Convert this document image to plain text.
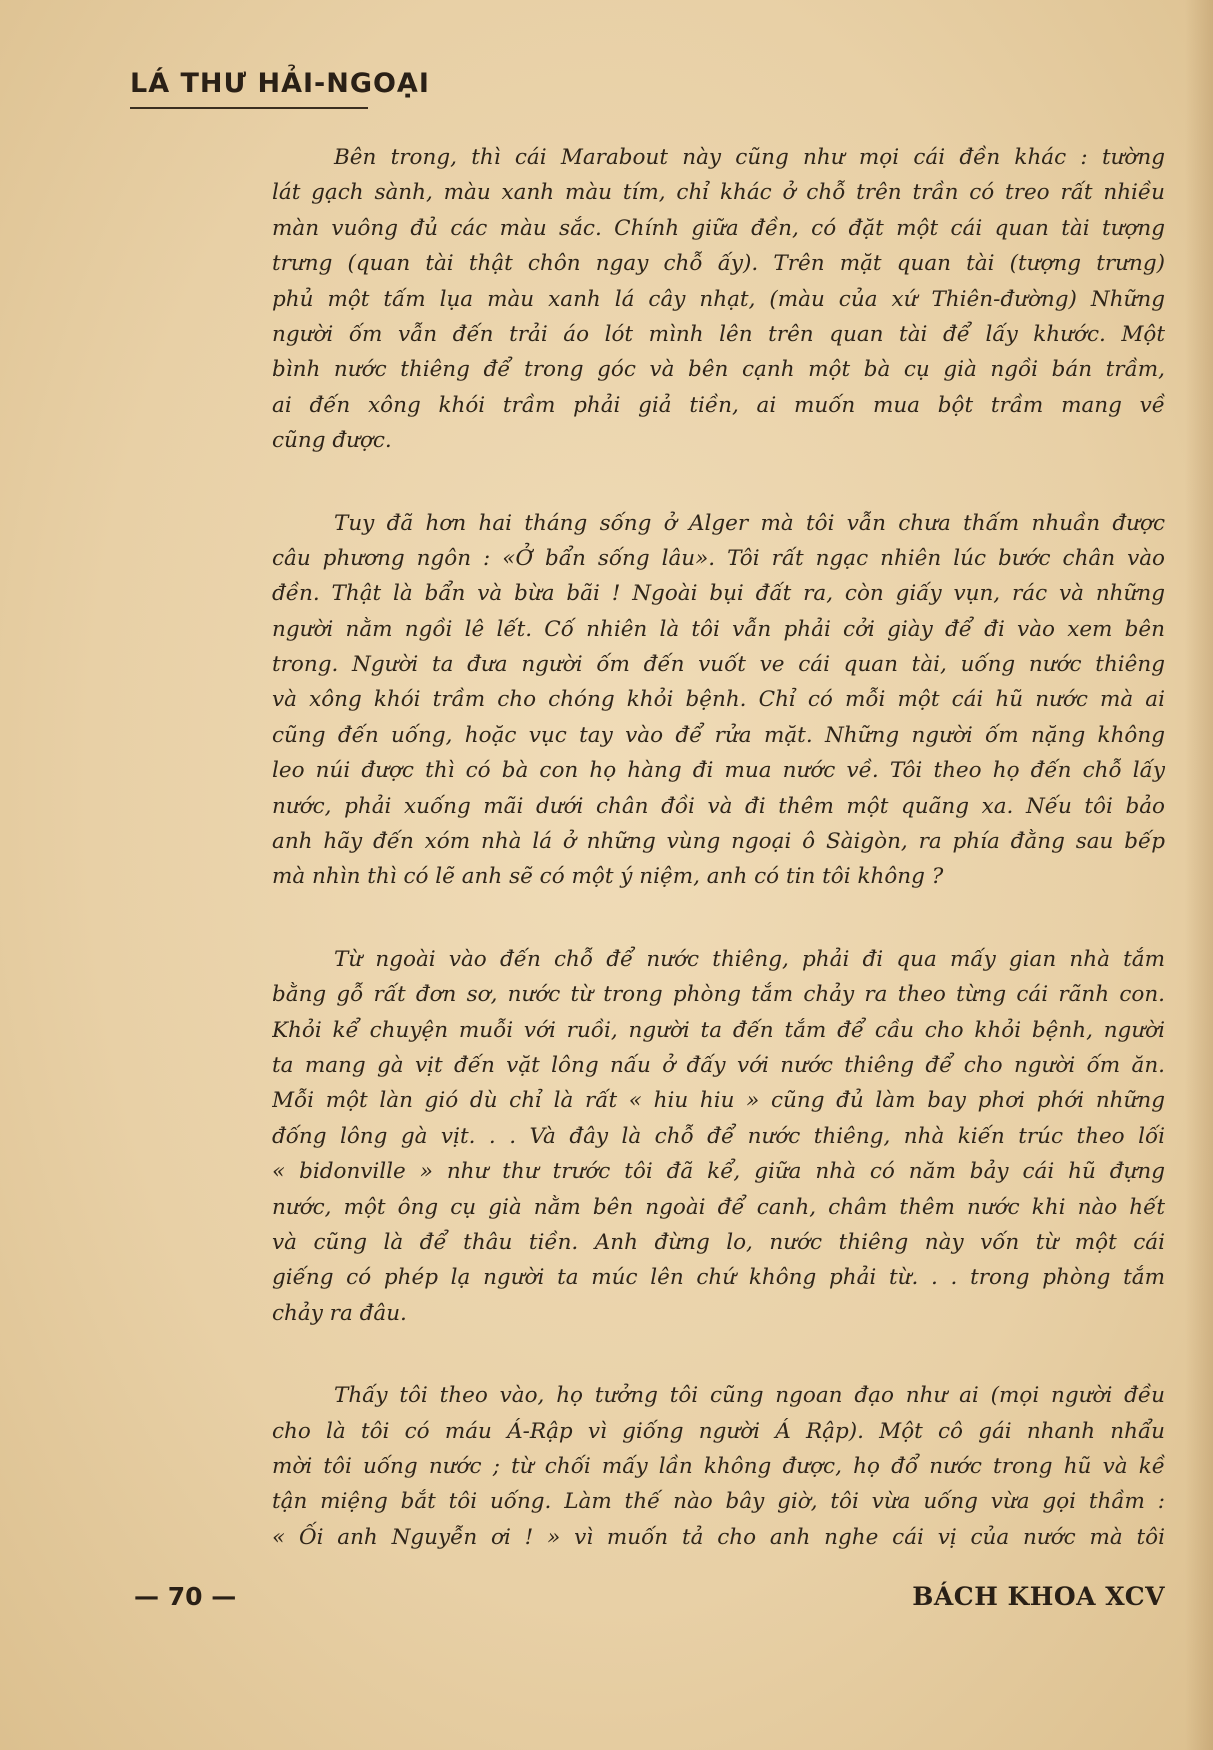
LÁ THƯ HẢI-NGOẠI
Bên trong, thì cái Marabout này cũng như mọi cái đền khác : tường
lát gạch sành, màu xanh màu tím, chỉ khác ở chỗ trên trần có treo rất nhiều
màn vuông đủ các màu sắc. Chính giữa đền, có đặt một cái quan tài tượng
trưng (quan tài thật chôn ngay chỗ ấy). Trên mặt quan tài (tượng trưng)
phủ một tấm lụa màu xanh lá cây nhạt, (màu của xứ Thiên-đường) Những
người ốm vẫn đến trải áo lót mình lên trên quan tài để lấy khước. Một
bình nước thiêng để trong góc và bên cạnh một bà cụ già ngồi bán trầm,
ai đến xông khói trầm phải giả tiền, ai muốn mua bột trầm mang về
cũng được.
Tuy đã hơn hai tháng sống ở Alger mà tôi vẫn chưa thấm nhuần được
câu phương ngôn : «Ở bẩn sống lâu». Tôi rất ngạc nhiên lúc bước chân vào
đền. Thật là bẩn và bừa bãi ! Ngoài bụi đất ra, còn giấy vụn, rác và những
người nằm ngồi lê lết. Cố nhiên là tôi vẫn phải cởi giày để đi vào xem bên
trong. Người ta đưa người ốm đến vuốt ve cái quan tài, uống nước thiêng
và xông khói trầm cho chóng khỏi bệnh. Chỉ có mỗi một cái hũ nước mà ai
cũng đến uống, hoặc vục tay vào để rửa mặt. Những người ốm nặng không
leo núi được thì có bà con họ hàng đi mua nước về. Tôi theo họ đến chỗ lấy
nước, phải xuống mãi dưới chân đồi và đi thêm một quãng xa. Nếu tôi bảo
anh hãy đến xóm nhà lá ở những vùng ngoại ô Sàigòn, ra phía đằng sau bếp
mà nhìn thì có lẽ anh sẽ có một ý niệm, anh có tin tôi không ?
Từ ngoài vào đến chỗ để nước thiêng, phải đi qua mấy gian nhà tắm
bằng gỗ rất đơn sơ, nước từ trong phòng tắm chảy ra theo từng cái rãnh con.
Khỏi kể chuyện muỗi với ruồi, người ta đến tắm để cầu cho khỏi bệnh, người
ta mang gà vịt đến vặt lông nấu ở đấy với nước thiêng để cho người ốm ăn.
Mỗi một làn gió dù chỉ là rất « hiu hiu » cũng đủ làm bay phơi phới những
đống lông gà vịt. . . Và đây là chỗ để nước thiêng, nhà kiến trúc theo lối
« bidonville » như thư trước tôi đã kể, giữa nhà có năm bảy cái hũ đựng
nước, một ông cụ già nằm bên ngoài để canh, châm thêm nước khi nào hết
và cũng là để thâu tiền. Anh đừng lo, nước thiêng này vốn từ một cái
giếng có phép lạ người ta múc lên chứ không phải từ. . . trong phòng tắm
chảy ra đâu.
Thấy tôi theo vào, họ tưởng tôi cũng ngoan đạo như ai (mọi người đều
cho là tôi có máu Á-Rập vì giống người Á Rập). Một cô gái nhanh nhẩu
mời tôi uống nước ; từ chối mấy lần không được, họ đổ nước trong hũ và kề
tận miệng bắt tôi uống. Làm thế nào bây giờ, tôi vừa uống vừa gọi thầm :
« Ối anh Nguyễn ơi ! » vì muốn tả cho anh nghe cái vị của nước mà tôi
— 70 —	BÁCH KHOA XCV
